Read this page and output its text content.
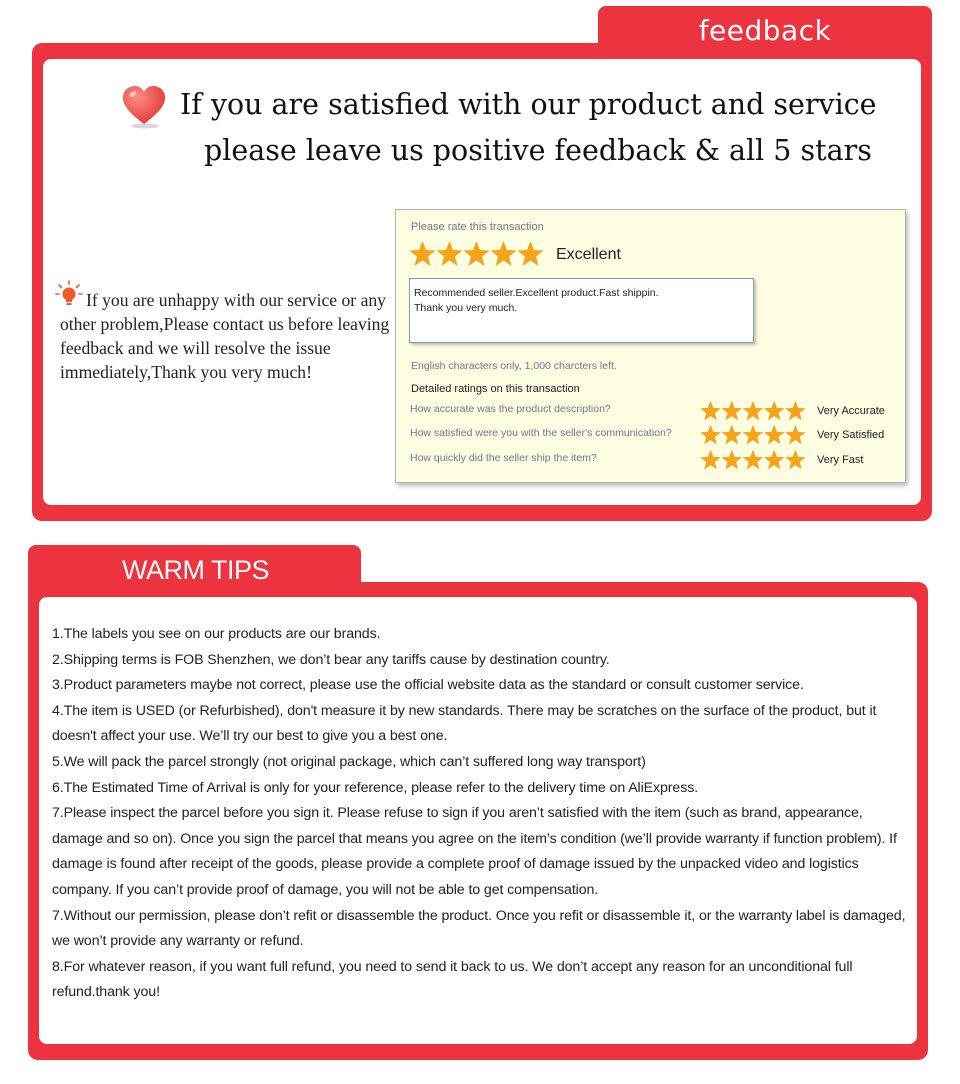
feedback
If you are satisfied with our product and service
please leave us positive feedback & all 5 stars
If you are unhappy with our service or any other problem,Please contact us before leaving feedback and we will resolve the issue immediately,Thank you very much!
Please rate this transaction
Excellent
Recommended seller.Excellent product.Fast shippin.
Thank you very much.
English characters only, 1,000 charcters left.
Detailed ratings on this transaction
How accurate was the product description?	Very Accurate
How satisfied were you with the seller's communication?	Very Satisfied
How quickly did the seller ship the item?	Very Fast
WARM TIPS

1.The labels you see on our products are our brands.

2.Shipping terms is FOB Shenzhen, we don’t bear any tariffs cause by destination country.

3.Product parameters maybe not correct, please use the official website data as the standard or consult customer service.

4.The item is USED (or Refurbished), don't measure it by new standards. There may be scratches on the surface of the product, but it doesn't affect your use. We’ll try our best to give you a best one.

5.We will pack the parcel strongly (not original package, which can’t suffered long way transport)

6.The Estimated Time of Arrival is only for your reference, please refer to the delivery time on AliExpress.

7.Please inspect the parcel before you sign it. Please refuse to sign if you aren’t satisfied with the item (such as brand, appearance, damage and so on). Once you sign the parcel that means you agree on the item’s condition (we’ll provide warranty if function problem). If damage is found after receipt of the goods, please provide a complete proof of damage issued by the unpacked video and logistics company. If you can’t provide proof of damage, you will not be able to get compensation.

7.Without our permission, please don’t refit or disassemble the product. Once you refit or disassemble it, or the warranty label is damaged, we won’t provide any warranty or refund.

8.For whatever reason, if you want full refund, you need to send it back to us. We don’t accept any reason for an unconditional full refund.thank you!
